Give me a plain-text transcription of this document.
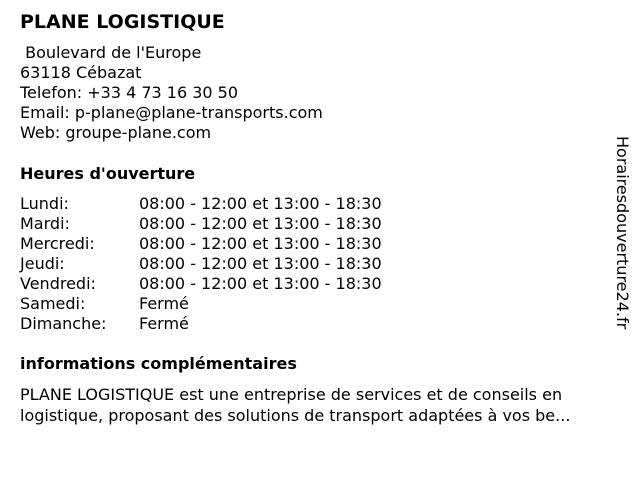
PLANE LOGISTIQUE
Boulevard de l'Europe
63118 Cébazat
Telefon: +33 4 73 16 30 50
Email: p-plane@plane-transports.com
Web: groupe-plane.com
Heures d'ouverture
Lundi:	08:00 - 12:00 et 13:00 - 18:30
Mardi:	08:00 - 12:00 et 13:00 - 18:30
Mercredi:	08:00 - 12:00 et 13:00 - 18:30
Jeudi:	08:00 - 12:00 et 13:00 - 18:30
Vendredi:	08:00 - 12:00 et 13:00 - 18:30
Samedi:	Fermé
Dimanche:	Fermé
informations complémentaires
PLANE LOGISTIQUE est une entreprise de services et de conseils en
logistique, proposant des solutions de transport adaptées à vos be...
Horairesdouverture24.fr
